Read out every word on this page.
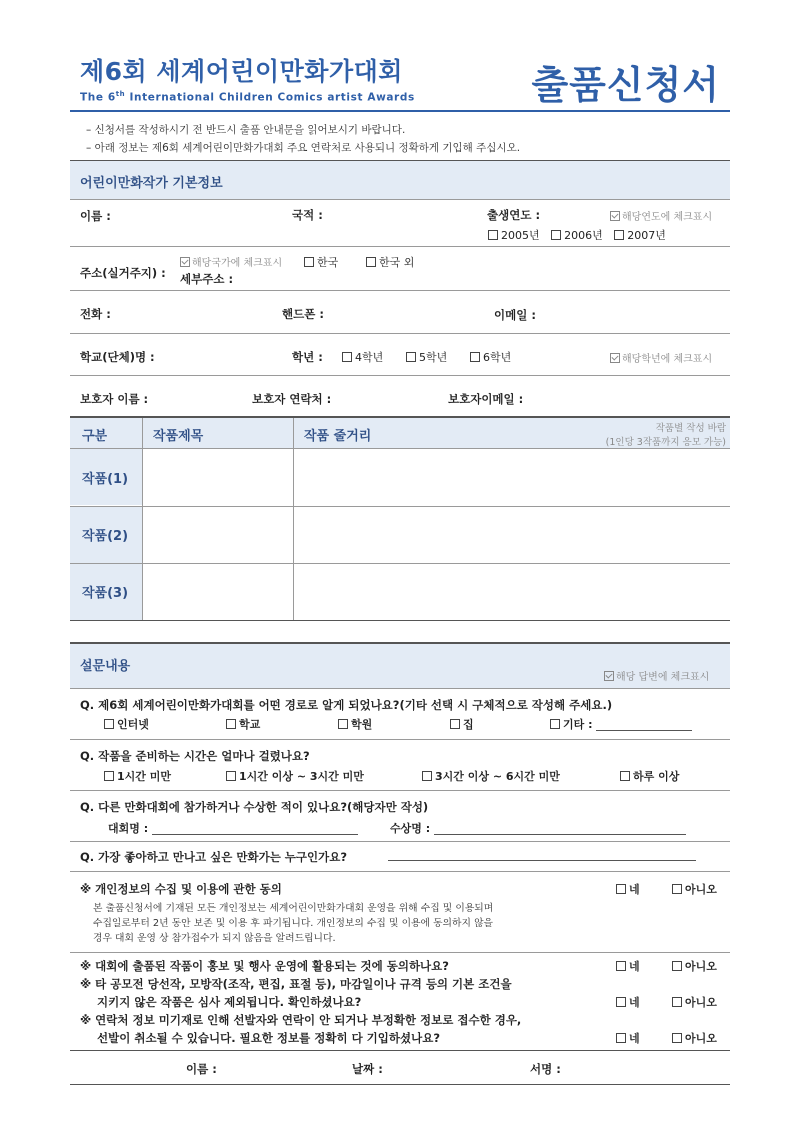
제6회 세계어린이만화가대회
The 6th International Children Comics artist Awards	출품신청서
– 신청서를 작성하시기 전 반드시 출품 안내문을 읽어보시기 바랍니다.
– 아래 정보는 제6회 세계어린이만화가대회 주요 연락처로 사용되니 정확하게 기입해 주십시오.
어린이만화작가 기본정보
이름 :	국적 :	출생연도 :	해당연도에 체크표시
2005년 2006년 2007년
주소(실거주지) :
해당국가에 체크표시	한국	한국 외
세부주소 :
전화 :	핸드폰 :	이메일 :
학교(단체)명 :	학년 :	4학년	5학년	6학년	해당학년에 체크표시
보호자 이름 :	보호자 연락처 :	보호자이메일 :
구분	작품제목	작품 줄거리
작품별 작성 바람
(1인당 3작품까지 응모 가능)
작품(1)
작품(2)
작품(3)
설문내용
해당 답변에 체크표시
Q. 제6회 세계어린이만화가대회를 어떤 경로로 알게 되었나요?(기타 선택 시 구체적으로 작성해 주세요.)
인터넷	학교	학원	집	기타 :
Q. 작품을 준비하는 시간은 얼마나 걸렸나요?
1시간 미만	1시간 이상 ~ 3시간 미만	3시간 이상 ~ 6시간 미만	하루 이상
Q. 다른 만화대회에 참가하거나 수상한 적이 있나요?(해당자만 작성)
대회명 :	수상명 :
Q. 가장 좋아하고 만나고 싶은 만화가는 누구인가요?
※ 개인정보의 수집 및 이용에 관한 동의	네	아니오
본 출품신청서에 기재된 모든 개인정보는 세계어린이만화가대회 운영을 위해 수집 및 이용되며
수집일로부터 2년 동안 보존 및 이용 후 파기됩니다. 개인정보의 수집 및 이용에 동의하지 않을
경우 대회 운영 상 참가접수가 되지 않음을 알려드립니다.
※ 대회에 출품된 작품이 홍보 및 행사 운영에 활용되는 것에 동의하나요?	네	아니오
※ 타 공모전 당선작, 모방작(조작, 편집, 표절 등), 마감일이나 규격 등의 기본 조건을
지키지 않은 작품은 심사 제외됩니다. 확인하셨나요?	네	아니오
※ 연락처 정보 미기재로 인해 선발자와 연락이 안 되거나 부정확한 정보로 접수한 경우,
선발이 취소될 수 있습니다. 필요한 정보를 정확히 다 기입하셨나요?	네	아니오
이름 :	날짜 :	서명 :
